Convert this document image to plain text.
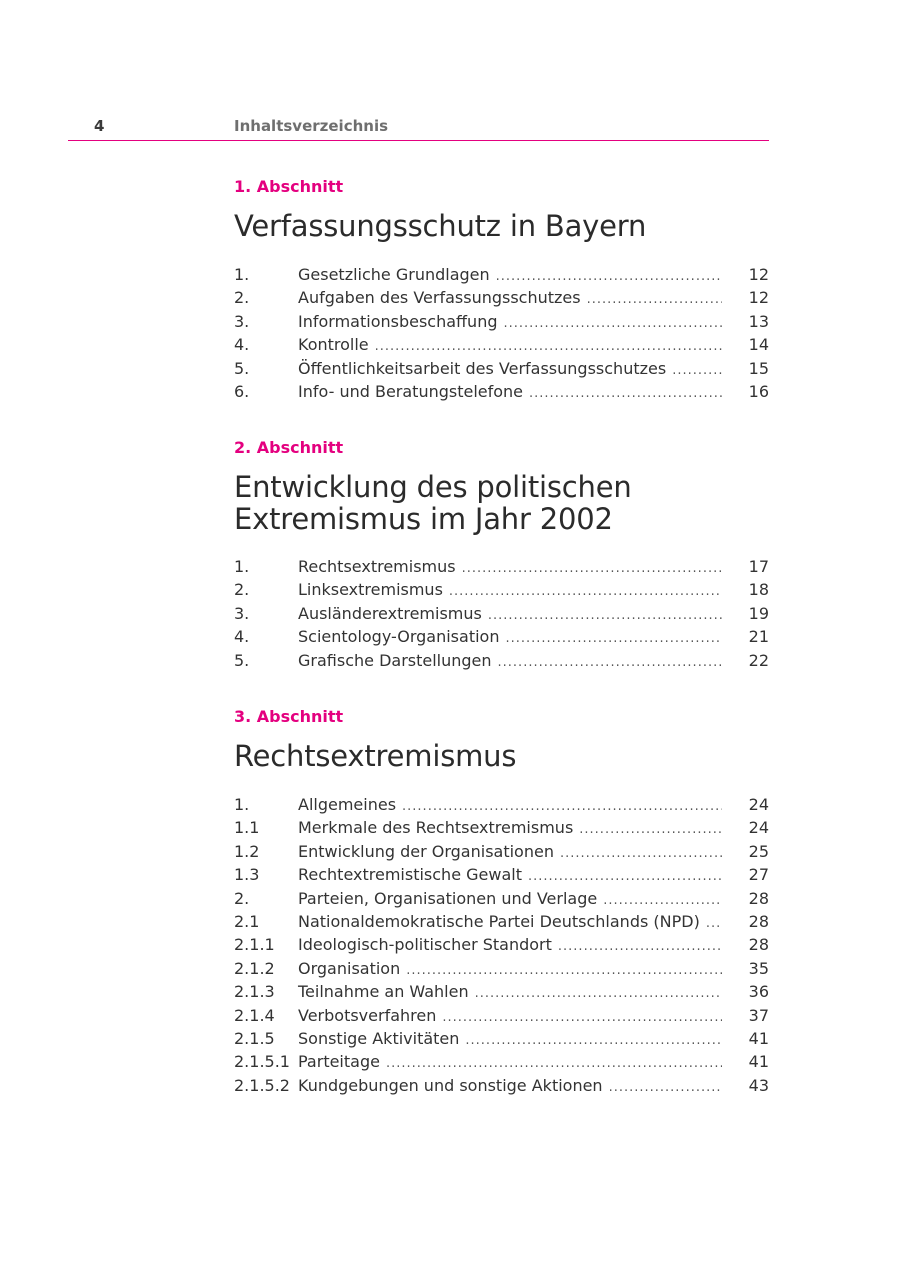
4	Inhaltsverzeichnis

1. Abschnitt

Verfassungsschutz in Bayern
1.	Gesetzliche Grundlagen .....	12
2.	Aufgaben des Verfassungsschutzes .....	12
3.	Informationsbeschaffung .....	13
4.	Kontrolle .....	14
5.	Öffentlichkeitsarbeit des Verfassungsschutzes .....	15
6.	Info- und Beratungstelefone .....	16

2. Abschnitt

Entwicklung des politischen
Extremismus im Jahr 2002
1.	Rechtsextremismus .....	17
2.	Linksextremismus .....	18
3.	Ausländerextremismus .....	19
4.	Scientology-Organisation .....	21
5.	Grafische Darstellungen .....	22

3. Abschnitt

Rechtsextremismus
1.	Allgemeines .....	24
1.1	Merkmale des Rechtsextremismus .....	24
1.2	Entwicklung der Organisationen .....	25
1.3	Rechtextremistische Gewalt .....	27
2.	Parteien, Organisationen und Verlage .....	28
2.1	Nationaldemokratische Partei Deutschlands (NPD) .....	28
2.1.1	Ideologisch-politischer Standort .....	28
2.1.2	Organisation .....	35
2.1.3	Teilnahme an Wahlen .....	36
2.1.4	Verbotsverfahren .....	37
2.1.5	Sonstige Aktivitäten .....	41
2.1.5.1 Parteitage .....	41
2.1.5.2 Kundgebungen und sonstige Aktionen .....	43
